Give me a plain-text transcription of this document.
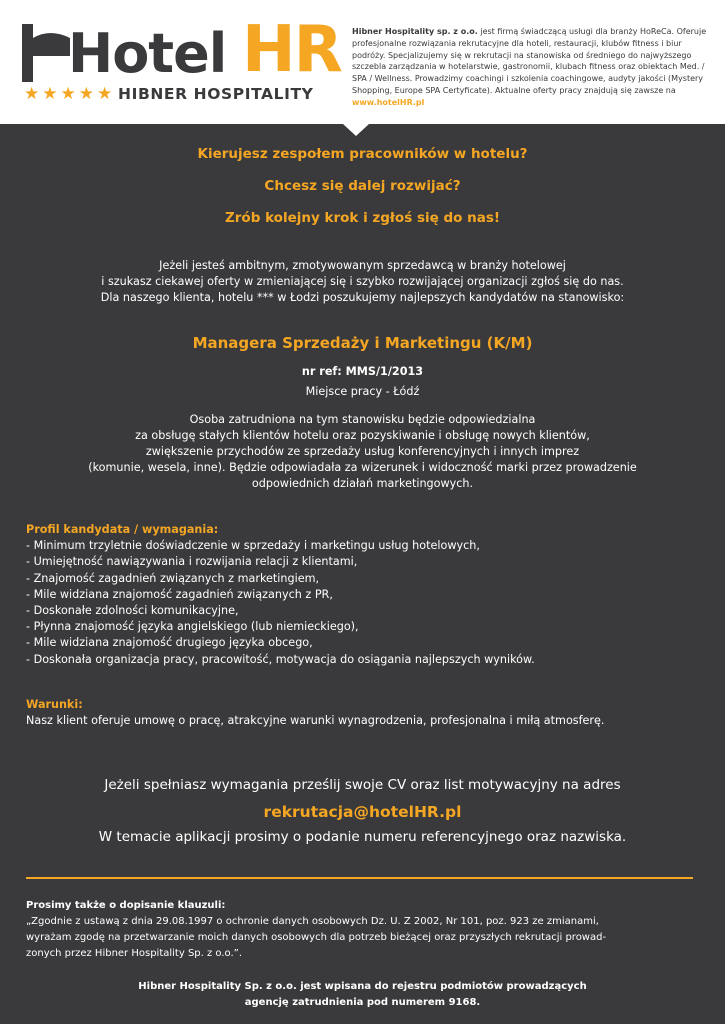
Hotel HR
★ ★ ★ ★ ★ HIBNER HOSPITALITY
Hibner Hospitality sp. z o.o. jest firmą świadczącą usługi dla branży HoReCa. Oferuje profesjonalne rozwiązania rekrutacyjne dla hoteli, restauracji, klubów fitness i biur podróży. Specjalizujemy się w rekrutacji na stanowiska od średniego do najwyższego szczebla zarządzania w hotelarstwie, gastronomii, klubach fitness oraz obiektach Med. / SPA / Wellness. Prowadzimy coachingi i szkolenia coachingowe, audyty jakości (Mystery Shopping, Europe SPA Certyficate). Aktualne oferty pracy znajdują się zawsze na
www.hotelHR.pl
Kierujesz zespołem pracowników w hotelu?
Chcesz się dalej rozwijać?
Zrób kolejny krok i zgłoś się do nas!
Jeżeli jesteś ambitnym, zmotywowanym sprzedawcą w branży hotelowej
i szukasz ciekawej oferty w zmieniającej się i szybko rozwijającej organizacji zgłoś się do nas.
Dla naszego klienta, hotelu *** w Łodzi poszukujemy najlepszych kandydatów na stanowisko:
Managera Sprzedaży i Marketingu (K/M)
nr ref: MMS/1/2013
Miejsce pracy - Łódź
Osoba zatrudniona na tym stanowisku będzie odpowiedzialna
za obsługę stałych klientów hotelu oraz pozyskiwanie i obsługę nowych klientów,
zwiększenie przychodów ze sprzedaży usług konferencyjnych i innych imprez
(komunie, wesela, inne). Będzie odpowiadała za wizerunek i widoczność marki przez prowadzenie
odpowiednich działań marketingowych.
Profil kandydata / wymagania:
- Minimum trzyletnie doświadczenie w sprzedaży i marketingu usług hotelowych,
- Umiejętność nawiązywania i rozwijania relacji z klientami,
- Znajomość zagadnień związanych z marketingiem,
- Mile widziana znajomość zagadnień związanych z PR,
- Doskonałe zdolności komunikacyjne,
- Płynna znajomość języka angielskiego (lub niemieckiego),
- Mile widziana znajomość drugiego języka obcego,
- Doskonała organizacja pracy, pracowitość, motywacja do osiągania najlepszych wyników.
Warunki:
Nasz klient oferuje umowę o pracę, atrakcyjne warunki wynagrodzenia, profesjonalna i miłą atmosferę.
Jeżeli spełniasz wymagania prześlij swoje CV oraz list motywacyjny na adres
rekrutacja@hotelHR.pl
W temacie aplikacji prosimy o podanie numeru referencyjnego oraz nazwiska.
Prosimy także o dopisanie klauzuli:
„Zgodnie z ustawą z dnia 29.08.1997 o ochronie danych osobowych Dz. U. Z 2002, Nr 101, poz. 923 ze zmianami,
wyrażam zgodę na przetwarzanie moich danych osobowych dla potrzeb bieżącej oraz przyszłych rekrutacji prowad-
zonych przez Hibner Hospitality Sp. z o.o.”.
Hibner Hospitality Sp. z o.o. jest wpisana do rejestru podmiotów prowadzących
agencję zatrudnienia pod numerem 9168.
